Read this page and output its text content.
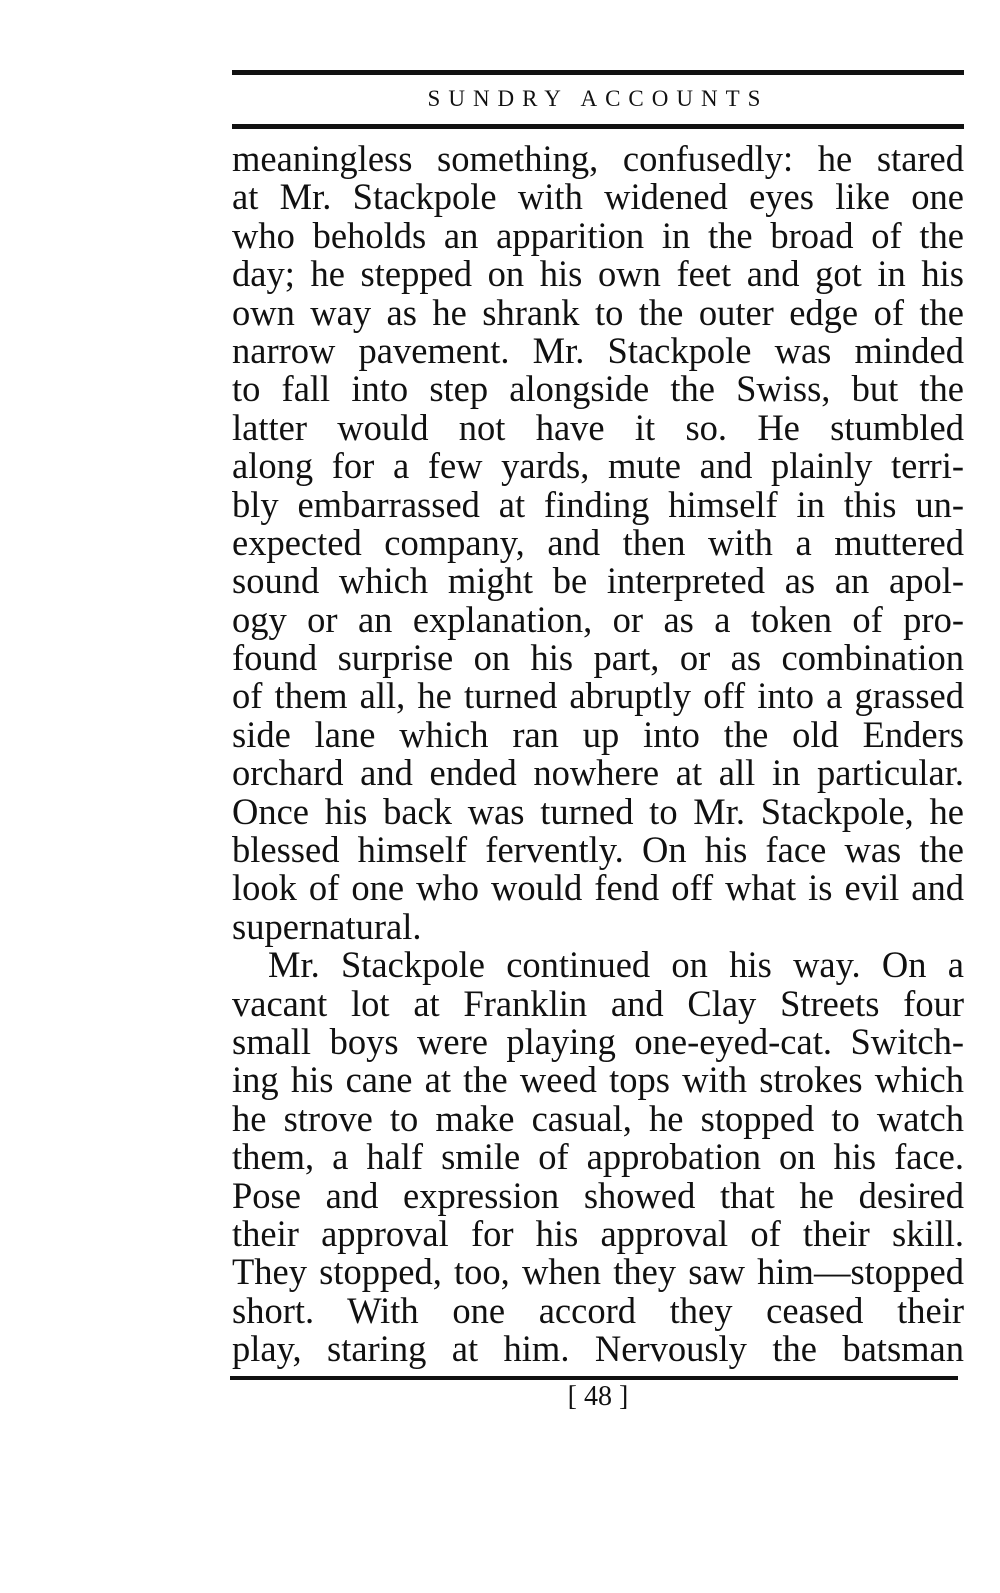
SUNDRY ACCOUNTS

meaningless something, confusedly: he stared
at Mr. Stackpole with widened eyes like one
who beholds an apparition in the broad of the
day; he stepped on his own feet and got in his
own way as he shrank to the outer edge of the
narrow pavement. Mr. Stackpole was minded
to fall into step alongside the Swiss, but the
latter would not have it so. He stumbled
along for a few yards, mute and plainly terri-
bly embarrassed at finding himself in this un-
expected company, and then with a muttered
sound which might be interpreted as an apol-
ogy or an explanation, or as a token of pro-
found surprise on his part, or as combination
of them all, he turned abruptly off into a grassed
side lane which ran up into the old Enders
orchard and ended nowhere at all in particular.
Once his back was turned to Mr. Stackpole, he
blessed himself fervently. On his face was the
look of one who would fend off what is evil and
supernatural.

Mr. Stackpole continued on his way. On a
vacant lot at Franklin and Clay Streets four
small boys were playing one-eyed-cat. Switch-
ing his cane at the weed tops with strokes which
he strove to make casual, he stopped to watch
them, a half smile of approbation on his face.
Pose and expression showed that he desired
their approval for his approval of their skill.
They stopped, too, when they saw him—stopped
short. With one accord they ceased their
play, staring at him. Nervously the batsman

[ 48 ]
